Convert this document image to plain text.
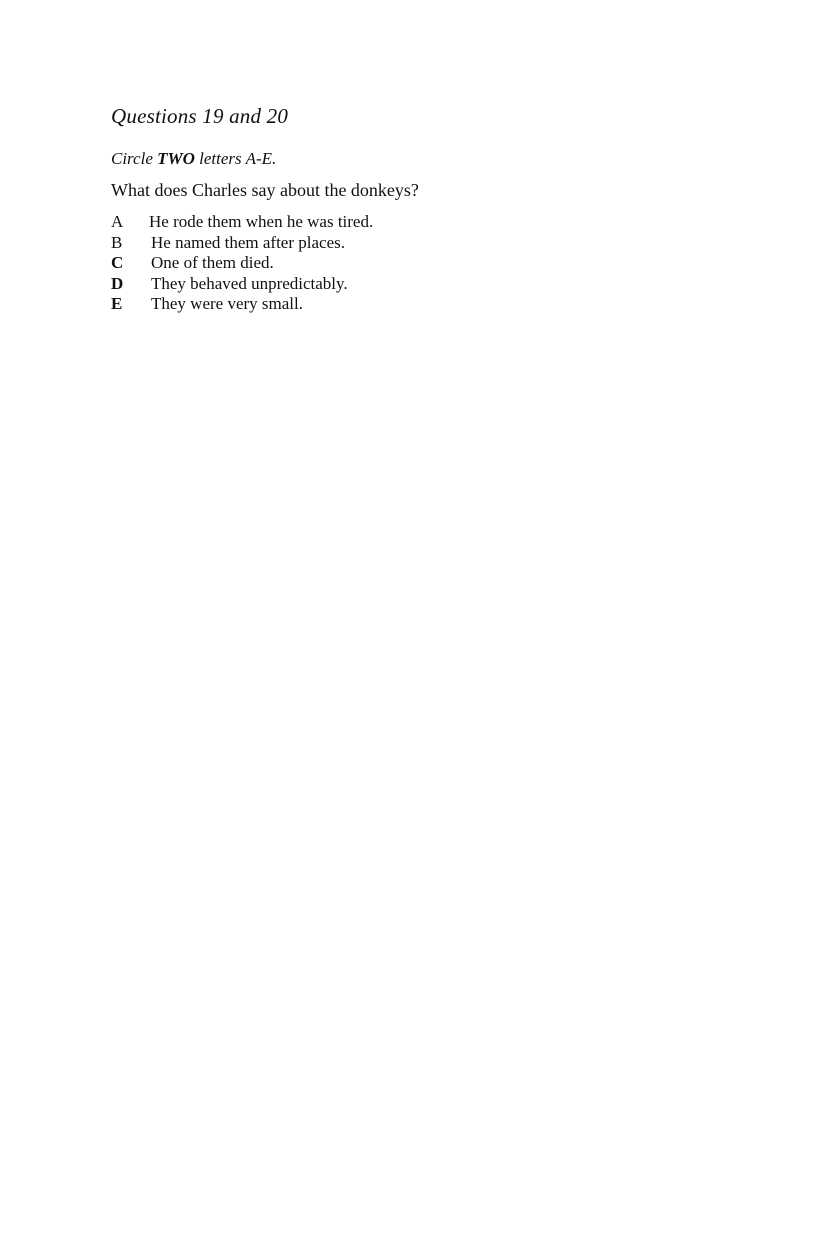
Questions 19 and 20
Circle TWO letters A-E.
What does Charles say about the donkeys?
A	He rode them when he was tired.
B	He named them after places.
C	One of them died.
D	They behaved unpredictably.
E	They were very small.
